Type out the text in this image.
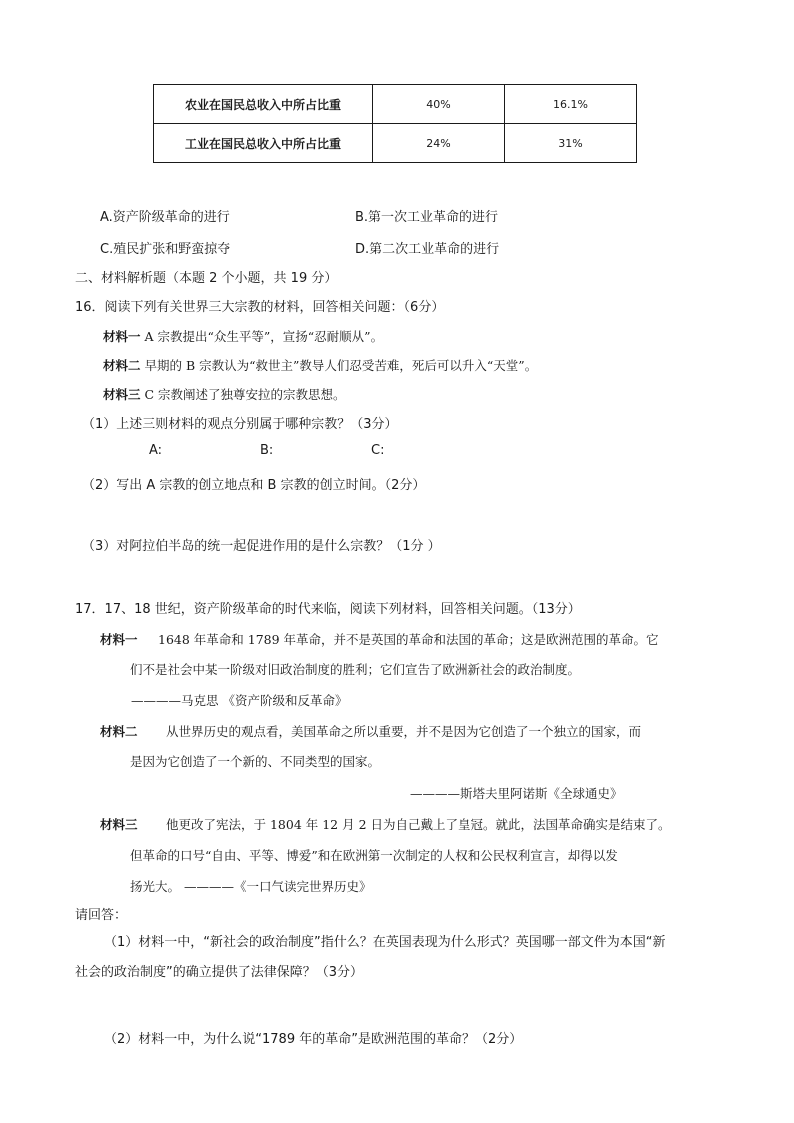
农业在国民总收入中所占比重	40%	16.1%
工业在国民总收入中所占比重	24%	31%
A.资产阶级革命的进行	B.第一次工业革命的进行
C.殖民扩张和野蛮掠夺	D.第二次工业革命的进行
二、材料解析题（本题 2 个小题，共 19 分）
16．阅读下列有关世界三大宗教的材料，回答相关问题：（6分）
材料一 A 宗教提出“众生平等”，宣扬“忍耐顺从”。
材料二 早期的 B 宗教认为“救世主”教导人们忍受苦难，死后可以升入“天堂”。
材料三 C 宗教阐述了独尊安拉的宗教思想。
（1）上述三则材料的观点分别属于哪种宗教？（3分）
A:	B:	C:
（2）写出 A 宗教的创立地点和 B 宗教的创立时间。（2分）
（3）对阿拉伯半岛的统一起促进作用的是什么宗教？（1分 ）
17．17、18 世纪，资产阶级革命的时代来临，阅读下列材料，回答相关问题。（13分）
材料一 1648 年革命和 1789 年革命，并不是英国的革命和法国的革命；这是欧洲范围的革命。它
们不是社会中某一阶级对旧政治制度的胜利；它们宣告了欧洲新社会的政治制度。
————马克思 《资产阶级和反革命》
材料二 从世界历史的观点看，美国革命之所以重要，并不是因为它创造了一个独立的国家，而
是因为它创造了一个新的、不同类型的国家。
————斯塔夫里阿诺斯《全球通史》
材料三 他更改了宪法，于 1804 年 12 月 2 日为自己戴上了皇冠。就此，法国革命确实是结束了。
但革命的口号“自由、平等、博爱”和在欧洲第一次制定的人权和公民权利宣言，却得以发
扬光大。 ————《一口气读完世界历史》
请回答：
（1）材料一中，“新社会的政治制度”指什么？在英国表现为什么形式？英国哪一部文件为本国“新
社会的政治制度”的确立提供了法律保障？（3分）
（2）材料一中，为什么说“1789 年的革命”是欧洲范围的革命？（2分）
